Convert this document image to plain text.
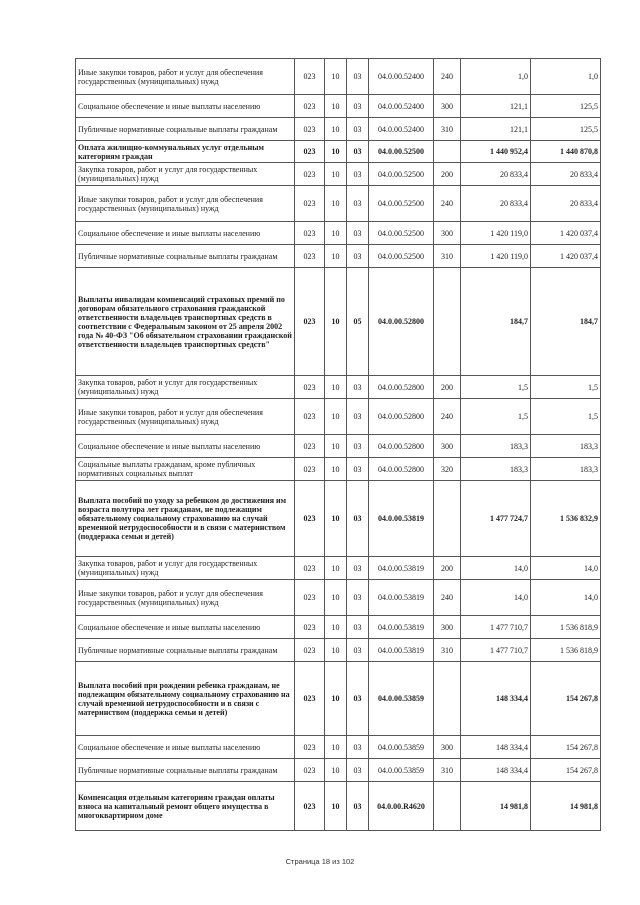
Иные закупки товаров, работ и услуг для обеспечения государственных (муниципальных) нужд	023	10	03	04.0.00.52400	240	1,0	1,0
Социальное обеспечение и иные выплаты населению	023	10	03	04.0.00.52400	300	121,1	125,5
Публичные нормативные социальные выплаты гражданам	023	10	03	04.0.00.52400	310	121,1	125,5
Оплата жилищно-коммунальных услуг отдельным категориям граждан	023	10	03	04.0.00.52500		1 440 952,4	1 440 870,8
Закупка товаров, работ и услуг для государственных (муниципальных) нужд	023	10	03	04.0.00.52500	200	20 833,4	20 833,4
Иные закупки товаров, работ и услуг для обеспечения государственных (муниципальных) нужд	023	10	03	04.0.00.52500	240	20 833,4	20 833,4
Социальное обеспечение и иные выплаты населению	023	10	03	04.0.00.52500	300	1 420 119,0	1 420 037,4
Публичные нормативные социальные выплаты гражданам	023	10	03	04.0.00.52500	310	1 420 119,0	1 420 037,4
Выплаты инвалидам компенсаций страховых премий по договорам обязательного страхования гражданской ответственности владельцев транспортных средств в соответствии с Федеральным законом от 25 апреля 2002 года № 40-ФЗ "Об обязательном страховании гражданской ответственности владельцев транспортных средств"	023	10	05	04.0.00.52800		184,7	184,7
Закупка товаров, работ и услуг для государственных (муниципальных) нужд	023	10	03	04.0.00.52800	200	1,5	1,5
Иные закупки товаров, работ и услуг для обеспечения государственных (муниципальных) нужд	023	10	03	04.0.00.52800	240	1,5	1,5
Социальное обеспечение и иные выплаты населению	023	10	03	04.0.00.52800	300	183,3	183,3
Социальные выплаты гражданам, кроме публичных нормативных социальных выплат	023	10	03	04.0.00.52800	320	183,3	183,3
Выплата пособий по уходу за ребенком до достижения им возраста полутора лет гражданам, не подлежащим обязательному социальному страхованию на случай временной нетрудоспособности и в связи с материнством (поддержка семьи и детей)	023	10	03	04.0.00.53819		1 477 724,7	1 536 832,9
Закупка товаров, работ и услуг для государственных (муниципальных) нужд	023	10	03	04.0.00.53819	200	14,0	14,0
Иные закупки товаров, работ и услуг для обеспечения государственных (муниципальных) нужд	023	10	03	04.0.00.53819	240	14,0	14,0
Социальное обеспечение и иные выплаты населению	023	10	03	04.0.00.53819	300	1 477 710,7	1 536 818,9
Публичные нормативные социальные выплаты гражданам	023	10	03	04.0.00.53819	310	1 477 710,7	1 536 818,9
Выплата пособий при рождении ребенка гражданам, не подлежащим обязательному социальному страхованию на случай временной нетрудоспособности и в связи с материнством (поддержка семьи и детей)	023	10	03	04.0.00.53859		148 334,4	154 267,8
Социальное обеспечение и иные выплаты населению	023	10	03	04.0.00.53859	300	148 334,4	154 267,8
Публичные нормативные социальные выплаты гражданам	023	10	03	04.0.00.53859	310	148 334,4	154 267,8
Компенсация отдельным категориям граждан оплаты взноса на капитальный ремонт общего имущества в многоквартирном доме	023	10	03	04.0.00.R4620		14 981,8	14 981,8
Страница 18 из 102
